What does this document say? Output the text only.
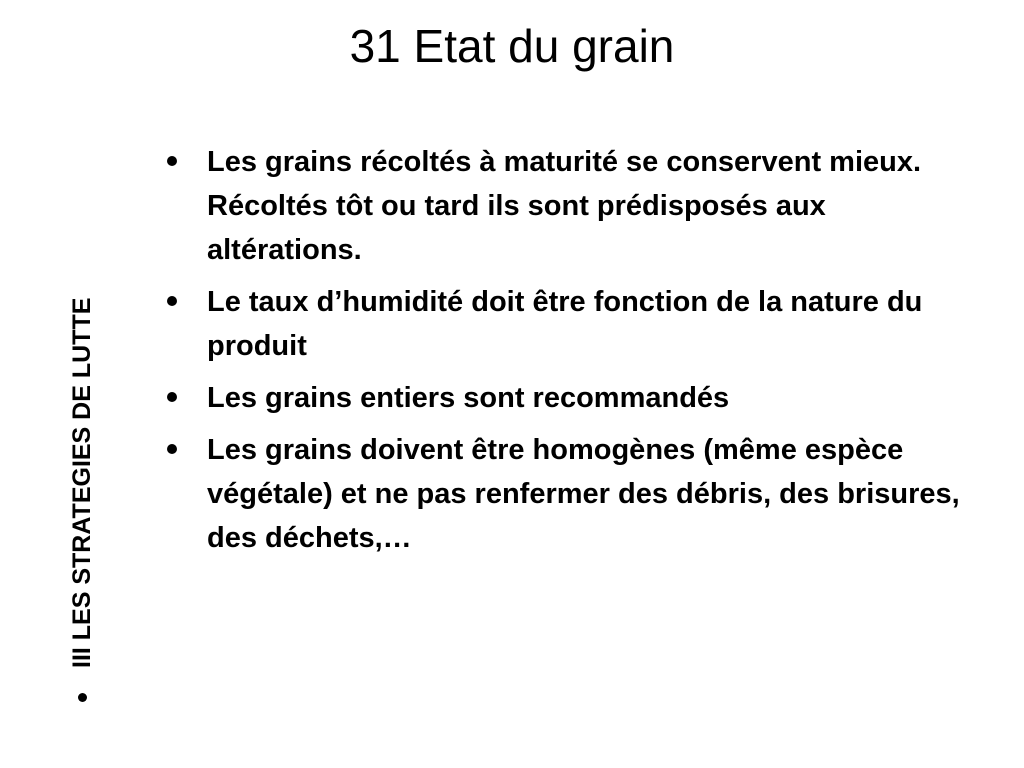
31 Etat du grain
III LES STRATEGIES DE LUTTE
Les grains récoltés à maturité se conservent mieux. Récoltés tôt ou tard ils sont prédisposés aux altérations.
Le taux d’humidité doit être fonction de la nature du produit
Les grains entiers sont recommandés
Les grains doivent être homogènes (même espèce végétale) et ne pas renfermer des débris, des brisures, des déchets,…
